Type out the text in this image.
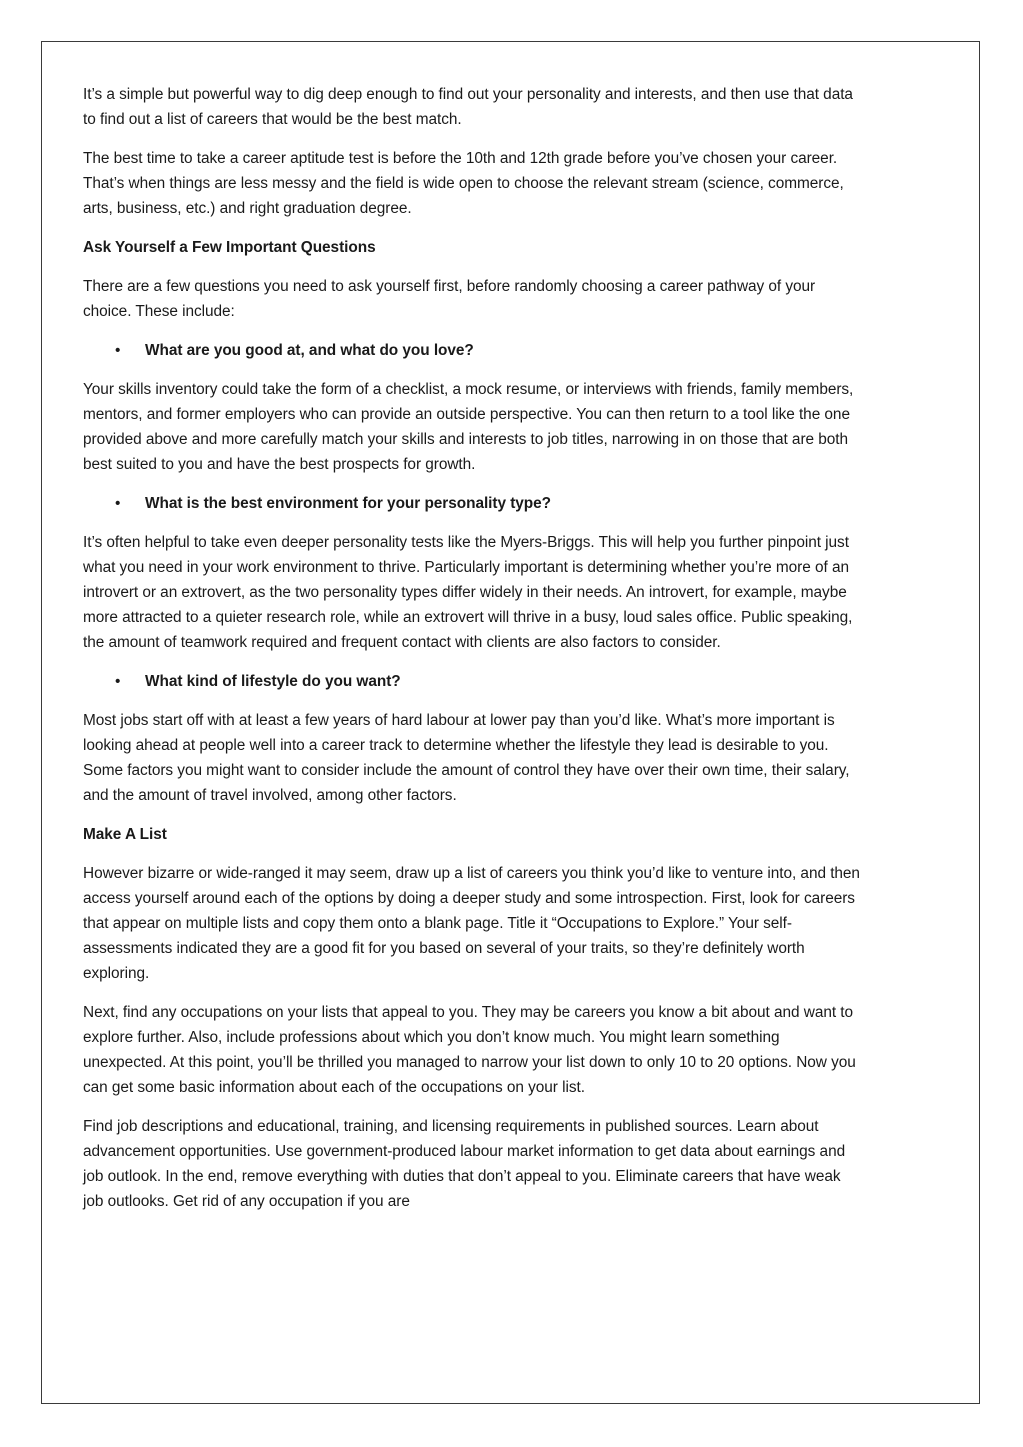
It’s a simple but powerful way to dig deep enough to find out your personality and interests, and then use that data to find out a list of careers that would be the best match.

The best time to take a career aptitude test is before the 10th and 12th grade before you’ve chosen your career. That’s when things are less messy and the field is wide open to choose the relevant stream (science, commerce, arts, business, etc.) and right graduation degree.

Ask Yourself a Few Important Questions

There are a few questions you need to ask yourself first, before randomly choosing a career pathway of your choice. These include:

• What are you good at, and what do you love?

Your skills inventory could take the form of a checklist, a mock resume, or interviews with friends, family members, mentors, and former employers who can provide an outside perspective. You can then return to a tool like the one provided above and more carefully match your skills and interests to job titles, narrowing in on those that are both best suited to you and have the best prospects for growth.

• What is the best environment for your personality type?

It’s often helpful to take even deeper personality tests like the Myers-Briggs. This will help you further pinpoint just what you need in your work environment to thrive. Particularly important is determining whether you’re more of an introvert or an extrovert, as the two personality types differ widely in their needs. An introvert, for example, maybe more attracted to a quieter research role, while an extrovert will thrive in a busy, loud sales office. Public speaking, the amount of teamwork required and frequent contact with clients are also factors to consider.

• What kind of lifestyle do you want?

Most jobs start off with at least a few years of hard labour at lower pay than you’d like. What’s more important is looking ahead at people well into a career track to determine whether the lifestyle they lead is desirable to you. Some factors you might want to consider include the amount of control they have over their own time, their salary, and the amount of travel involved, among other factors.

Make A List

However bizarre or wide-ranged it may seem, draw up a list of careers you think you’d like to venture into, and then access yourself around each of the options by doing a deeper study and some introspection. First, look for careers that appear on multiple lists and copy them onto a blank page. Title it “Occupations to Explore.” Your self-assessments indicated they are a good fit for you based on several of your traits, so they’re definitely worth exploring.

Next, find any occupations on your lists that appeal to you. They may be careers you know a bit about and want to explore further. Also, include professions about which you don’t know much. You might learn something unexpected. At this point, you’ll be thrilled you managed to narrow your list down to only 10 to 20 options. Now you can get some basic information about each of the occupations on your list.

Find job descriptions and educational, training, and licensing requirements in published sources. Learn about advancement opportunities. Use government-produced labour market information to get data about earnings and job outlook. In the end, remove everything with duties that don’t appeal to you. Eliminate careers that have weak job outlooks. Get rid of any occupation if you are
